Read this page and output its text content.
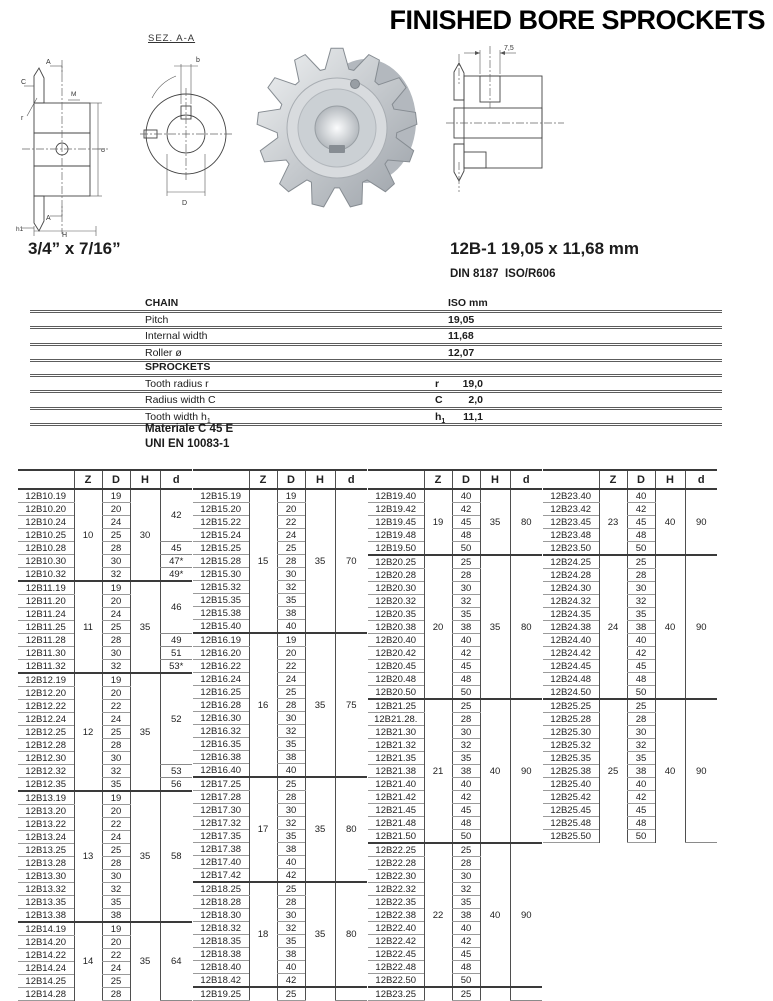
FINISHED BORE SPROCKETS
A
C
r
M
d
A
h1
H
SEZ. A-A
b
D
7,5
3/4” x 7/16”	12B-1 19,05 x 11,68 mm
DIN 8187  ISO/R606
CHAIN	ISO mm
Pitch	19,05
Internal width	11,68
Roller ø	12,07
SPROCKETS
Tooth radius r	r	19,0
Radius width C	C	2,0
Tooth width $h_1$	$h_1$	11,1
Materiale C 45 E
UNI EN 10083-1
	Z	D	H	d
12B10.19	10	19	30	42
12B10.20		20		
12B10.24		24		
12B10.25		25		
12B10.28		28		45
12B10.30		30		47*
12B10.32		32		49*
12B11.19	11	19	35	46
12B11.20		20		
12B11.24		24		
12B11.25		25		
12B11.28		28		49
12B11.30		30		51
12B11.32		32		53*
12B12.19	12	19	35	52
12B12.20		20		
12B12.22		22		
12B12.24		24		
12B12.25		25		
12B12.28		28		
12B12.30		30		
12B12.32		32		53
12B12.35		35		56
12B13.19	13	19	35	58
12B13.20		20		
12B13.22		22		
12B13.24		24		
12B13.25		25		
12B13.28		28		
12B13.30		30		
12B13.32		32		
12B13.35		35		
12B13.38		38		
12B14.19	14	19	35	64
12B14.20		20		
12B14.22		22		
12B14.24		24		
12B14.25		25		
12B14.28		28		
	Z	D	H	d
12B15.19	15	19	35	70
12B15.20		20		
12B15.22		22		
12B15.24		24		
12B15.25		25		
12B15.28		28		
12B15.30		30		
12B15.32		32		
12B15.35		35		
12B15.38		38		
12B15.40		40		
12B16.19	16	19	35	75
12B16.20		20		
12B16.22		22		
12B16.24		24		
12B16.25		25		
12B16.28		28		
12B16.30		30		
12B16.32		32		
12B16.35		35		
12B16.38		38		
12B16.40		40		
12B17.25	17	25	35	80
12B17.28		28		
12B17.30		30		
12B17.32		32		
12B17.35		35		
12B17.38		38		
12B17.40		40		
12B17.42		42		
12B18.25	18	25	35	80
12B18.28		28		
12B18.30		30		
12B18.32		32		
12B18.35		35		
12B18.38		38		
12B18.40		40		
12B18.42		42		
12B19.25		25		
	Z	D	H	d
12B19.40	19	40	35	80
12B19.42		42		
12B19.45		45		
12B19.48		48		
12B19.50		50		
12B20.25	20	25	35	80
12B20.28		28		
12B20.30		30		
12B20.32		32		
12B20.35		35		
12B20.38		38		
12B20.40		40		
12B20.42		42		
12B20.45		45		
12B20.48		48		
12B20.50		50		
12B21.25	21	25	40	90
12B21.28.		28		
12B21.30		30		
12B21.32		32		
12B21.35		35		
12B21.38		38		
12B21.40		40		
12B21.42		42		
12B21.45		45		
12B21.48		48		
12B21.50		50		
12B22.25	22	25	40	90
12B22.28		28		
12B22.30		30		
12B22.32		32		
12B22.35		35		
12B22.38		38		
12B22.40		40		
12B22.42		42		
12B22.45		45		
12B22.48		48		
12B22.50		50		
12B23.25		25		
	Z	D	H	d
12B23.40	23	40	40	90
12B23.42		42		
12B23.45		45		
12B23.48		48		
12B23.50		50		
12B24.25	24	25	40	90
12B24.28		28		
12B24.30		30		
12B24.32		32		
12B24.35		35		
12B24.38		38		
12B24.40		40		
12B24.42		42		
12B24.45		45		
12B24.48		48		
12B24.50		50		
12B25.25	25	25	40	90
12B25.28		28		
12B25.30		30		
12B25.32		32		
12B25.35		35		
12B25.38		38		
12B25.40		40		
12B25.42		42		
12B25.45		45		
12B25.48		48		
12B25.50		50		
